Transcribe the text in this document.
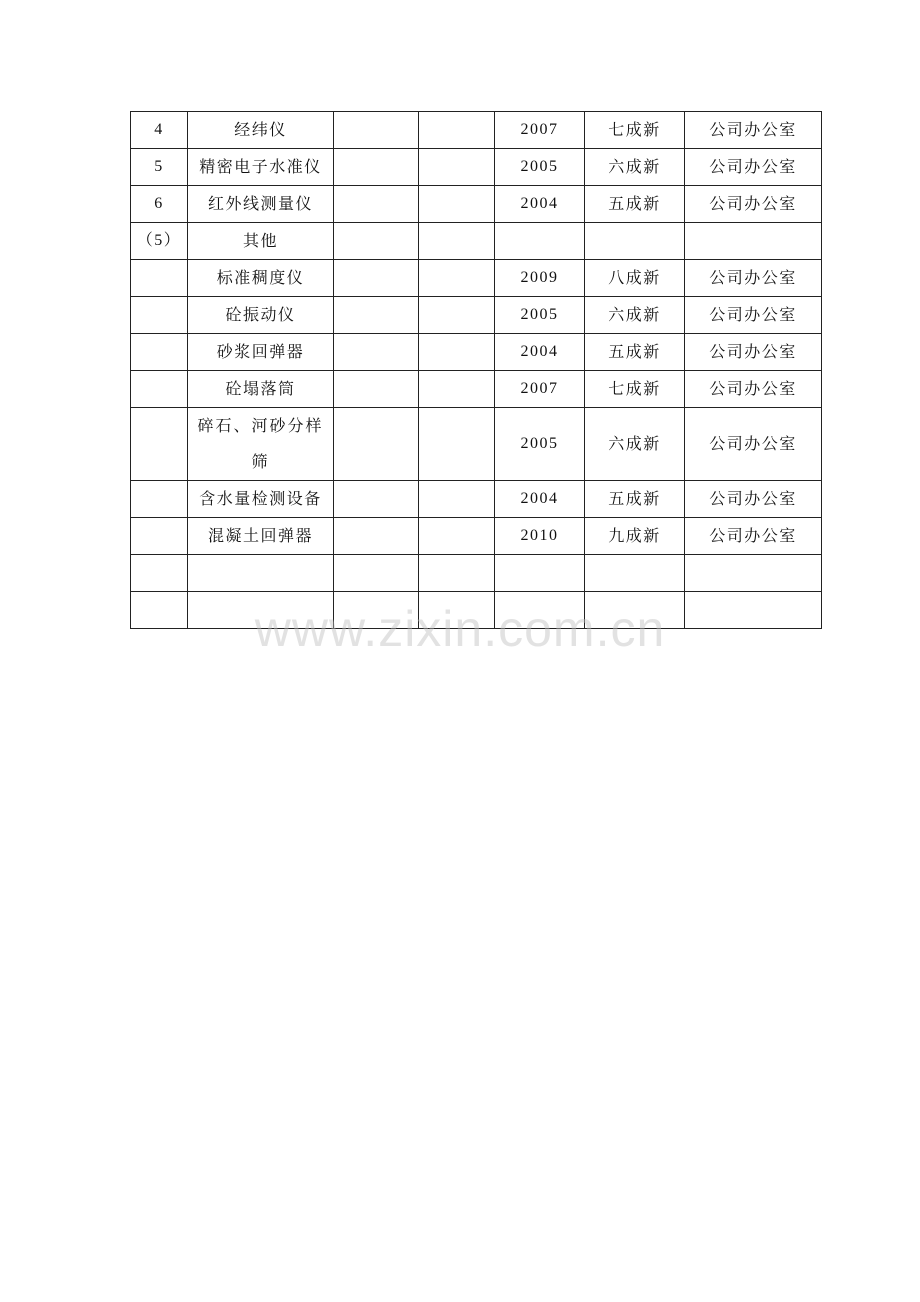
4	经纬仪			2007	七成新	公司办公室
5	精密电子水准仪			2005	六成新	公司办公室
6	红外线测量仪			2004	五成新	公司办公室
（5）	其他					
	标准稠度仪			2009	八成新	公司办公室
	砼振动仪			2005	六成新	公司办公室
	砂浆回弹器			2004	五成新	公司办公室
	砼塌落筒			2007	七成新	公司办公室
	碎石、河砂分样筛			2005	六成新	公司办公室
	含水量检测设备			2004	五成新	公司办公室
	混凝土回弹器			2010	九成新	公司办公室

www.zixin.com.cn
